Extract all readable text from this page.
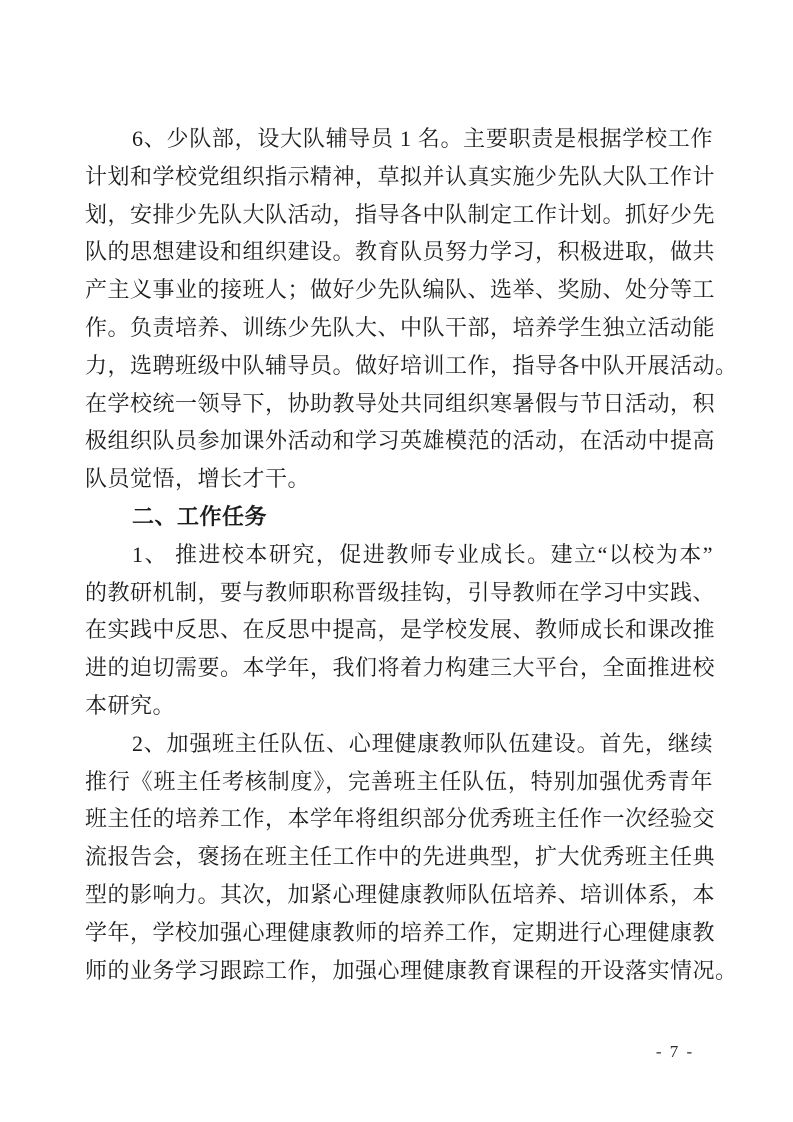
6、少队部，设大队辅导员 1 名。主要职责是根据学校工作
计划和学校党组织指示精神，草拟并认真实施少先队大队工作计
划，安排少先队大队活动，指导各中队制定工作计划。抓好少先
队的思想建设和组织建设。教育队员努力学习，积极进取，做共
产主义事业的接班人；做好少先队编队、选举、奖励、处分等工
作。负责培养、训练少先队大、中队干部，培养学生独立活动能
力，选聘班级中队辅导员。做好培训工作，指导各中队开展活动。
在学校统一领导下，协助教导处共同组织寒暑假与节日活动，积
极组织队员参加课外活动和学习英雄模范的活动，在活动中提高
队员觉悟，增长才干。
二、工作任务
1、 推进校本研究，促进教师专业成长。建立“以校为本”
的教研机制，要与教师职称晋级挂钩，引导教师在学习中实践、
在实践中反思、在反思中提高，是学校发展、教师成长和课改推
进的迫切需要。本学年，我们将着力构建三大平台，全面推进校
本研究。
2、加强班主任队伍、心理健康教师队伍建设。首先，继续
推行《班主任考核制度》，完善班主任队伍，特别加强优秀青年
班主任的培养工作，本学年将组织部分优秀班主任作一次经验交
流报告会，褒扬在班主任工作中的先进典型，扩大优秀班主任典
型的影响力。其次，加紧心理健康教师队伍培养、培训体系，本
学年，学校加强心理健康教师的培养工作，定期进行心理健康教
师的业务学习跟踪工作，加强心理健康教育课程的开设落实情况。
- 7 -
